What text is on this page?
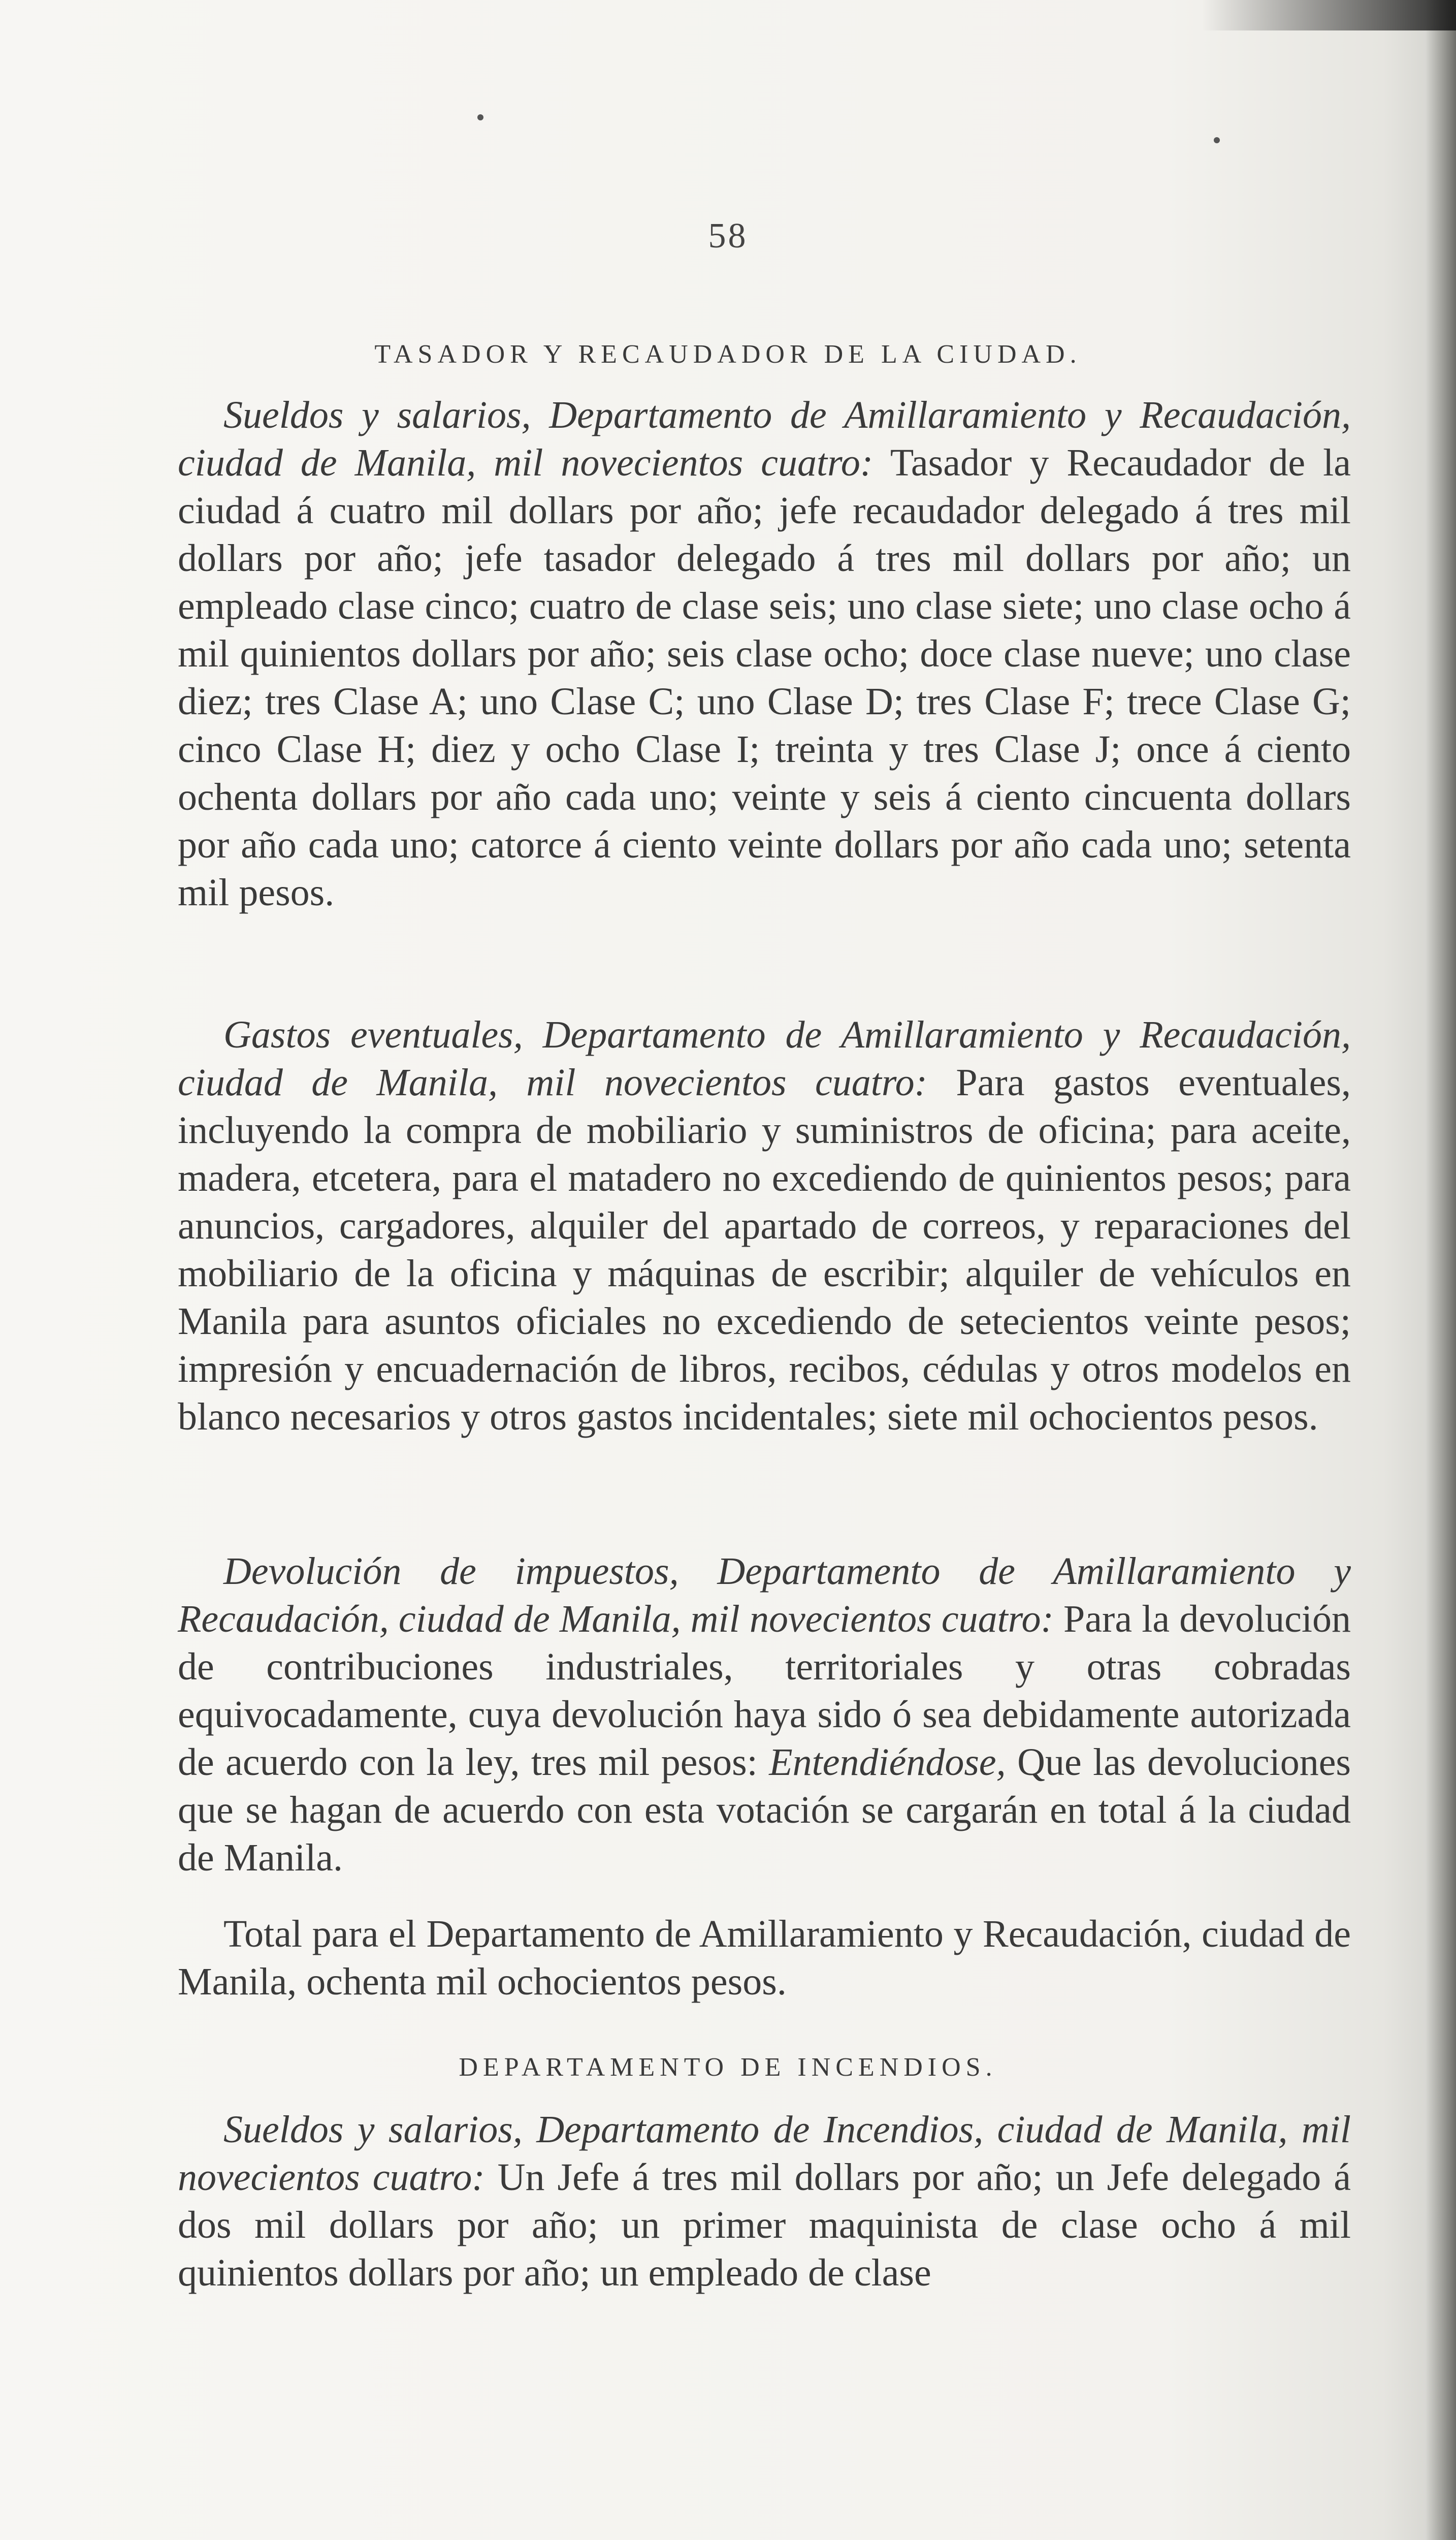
58
TASADOR Y RECAUDADOR DE LA CIUDAD.
Sueldos y salarios, Departamento de Amillaramiento y Recaudación, ciudad de Manila, mil novecientos cuatro: Tasador y Recaudador de la ciudad á cuatro mil dollars por año; jefe recaudador delegado á tres mil dollars por año; jefe tasador delegado á tres mil dollars por año; un empleado clase cinco; cuatro de clase seis; uno clase siete; uno clase ocho á mil quinientos dollars por año; seis clase ocho; doce clase nueve; uno clase diez; tres Clase A; uno Clase C; uno Clase D; tres Clase F; trece Clase G; cinco Clase H; diez y ocho Clase I; treinta y tres Clase J; once á ciento ochenta dollars por año cada uno; veinte y seis á ciento cincuenta dollars por año cada uno; catorce á ciento veinte dollars por año cada uno; setenta mil pesos.
Gastos eventuales, Departamento de Amillaramiento y Recaudación, ciudad de Manila, mil novecientos cuatro: Para gastos eventuales, incluyendo la compra de mobiliario y suministros de oficina; para aceite, madera, etcetera, para el matadero no excediendo de quinientos pesos; para anuncios, cargadores, alquiler del apartado de correos, y reparaciones del mobiliario de la oficina y máquinas de escribir; alquiler de vehículos en Manila para asuntos oficiales no excediendo de setecientos veinte pesos; impresión y encuadernación de libros, recibos, cédulas y otros modelos en blanco necesarios y otros gastos incidentales; siete mil ochocientos pesos.
Devolución de impuestos, Departamento de Amillaramiento y Recaudación, ciudad de Manila, mil novecientos cuatro: Para la devolución de contribuciones industriales, territoriales y otras cobradas equivocadamente, cuya devolución haya sido ó sea debidamente autorizada de acuerdo con la ley, tres mil pesos: Entendiéndose, Que las devoluciones que se hagan de acuerdo con esta votación se cargarán en total á la ciudad de Manila.
Total para el Departamento de Amillaramiento y Recaudación, ciudad de Manila, ochenta mil ochocientos pesos.
DEPARTAMENTO DE INCENDIOS.
Sueldos y salarios, Departamento de Incendios, ciudad de Manila, mil novecientos cuatro: Un Jefe á tres mil dollars por año; un Jefe delegado á dos mil dollars por año; un primer maquinista de clase ocho á mil quinientos dollars por año; un empleado de clase
